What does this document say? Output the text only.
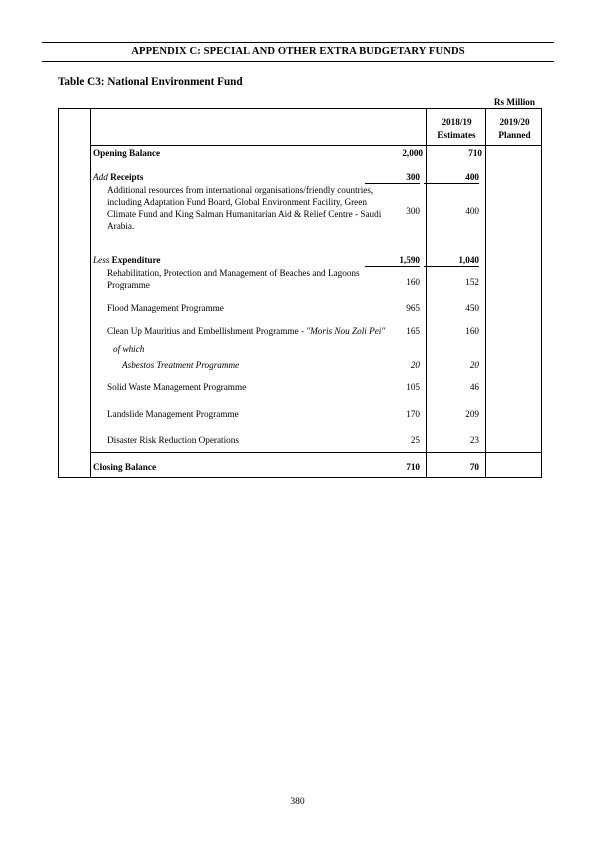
APPENDIX C: SPECIAL AND OTHER EXTRA BUDGETARY FUNDS
Table C3: National Environment Fund
Rs Million
2018/19
Estimates
2019/20
Planned
Opening Balance	2,000	710
Add Receipts	300	400
Additional resources from international organisations/friendly countries,
including Adaptation Fund Board, Global Environment Facility, Green
Climate Fund and King Salman Humanitarian Aid & Relief Centre - Saudi
Arabia.
300	400
Less Expenditure	1,590	1,040
Rehabilitation, Protection and Management of Beaches and Lagoons
Programme	160	152
Flood Management Programme	965	450
Clean Up Mauritius and Embellishment Programme - "Moris Nou Zoli Pei"	165	160
of which
Asbestos Treatment Programme	20	20
Solid Waste Management Programme	105	46
Landslide Management Programme	170	209
Disaster Risk Reduction Operations	25	23
Closing Balance	710	70
380
